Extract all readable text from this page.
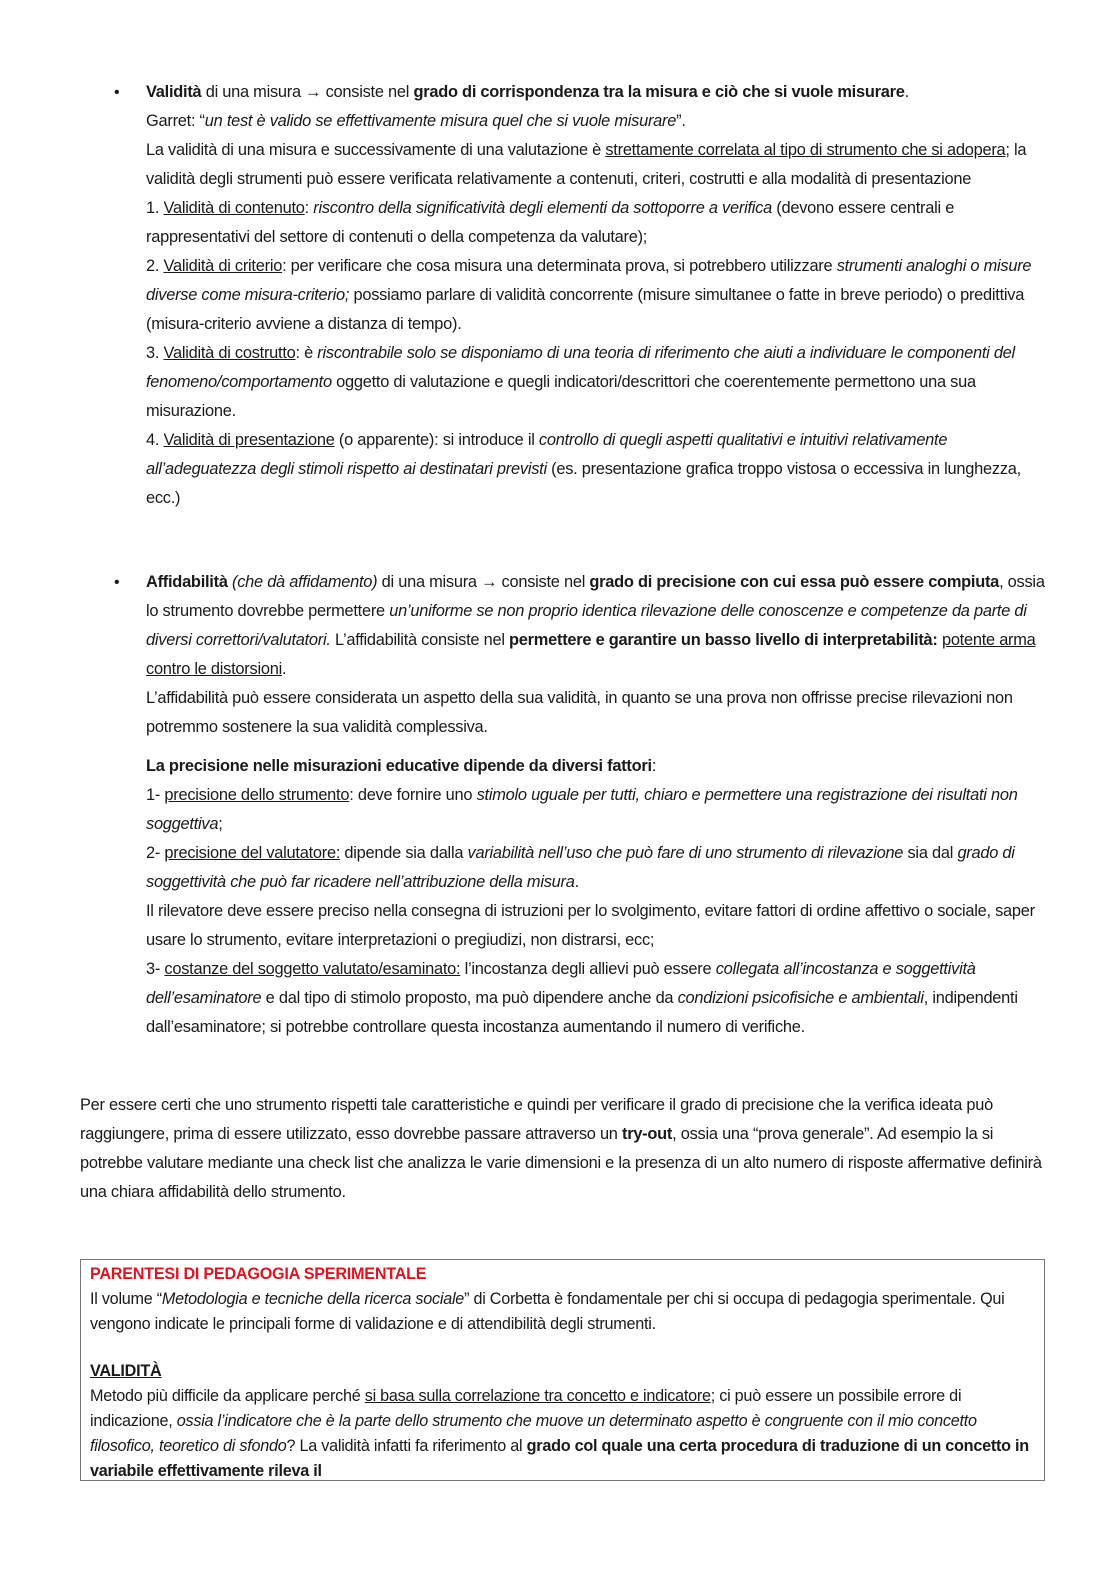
• Validità di una misura → consiste nel grado di corrispondenza tra la misura e ciò che si vuole misurare.

Garret: “un test è valido se effettivamente misura quel che si vuole misurare”.

La validità di una misura e successivamente di una valutazione è strettamente correlata al tipo di strumento che si adopera; la validità degli strumenti può essere verificata relativamente a contenuti, criteri, costrutti e alla modalità di presentazione

1. Validità di contenuto: riscontro della significatività degli elementi da sottoporre a verifica (devono essere centrali e rappresentativi del settore di contenuti o della competenza da valutare);

2. Validità di criterio: per verificare che cosa misura una determinata prova, si potrebbero utilizzare strumenti analoghi o misure diverse come misura-criterio; possiamo parlare di validità concorrente (misure simultanee o fatte in breve periodo) o predittiva (misura-criterio avviene a distanza di tempo).

3. Validità di costrutto: è riscontrabile solo se disponiamo di una teoria di riferimento che aiuti a individuare le componenti del fenomeno/comportamento oggetto di valutazione e quegli indicatori/descrittori che coerentemente permettono una sua misurazione.

4. Validità di presentazione (o apparente): si introduce il controllo di quegli aspetti qualitativi e intuitivi relativamente all’adeguatezza degli stimoli rispetto ai destinatari previsti (es. presentazione grafica troppo vistosa o eccessiva in lunghezza, ecc.)

• Affidabilità (che dà affidamento) di una misura → consiste nel grado di precisione con cui essa può essere compiuta, ossia lo strumento dovrebbe permettere un’uniforme se non proprio identica rilevazione delle conoscenze e competenze da parte di diversi correttori/valutatori. L’affidabilità consiste nel permettere e garantire un basso livello di interpretabilità: potente arma contro le distorsioni.

L’affidabilità può essere considerata un aspetto della sua validità, in quanto se una prova non offrisse precise rilevazioni non potremmo sostenere la sua validità complessiva.

La precisione nelle misurazioni educative dipende da diversi fattori:

1- precisione dello strumento: deve fornire uno stimolo uguale per tutti, chiaro e permettere una registrazione dei risultati non soggettiva;

2- precisione del valutatore: dipende sia dalla variabilità nell’uso che può fare di uno strumento di rilevazione sia dal grado di soggettività che può far ricadere nell’attribuzione della misura.

Il rilevatore deve essere preciso nella consegna di istruzioni per lo svolgimento, evitare fattori di ordine affettivo o sociale, saper usare lo strumento, evitare interpretazioni o pregiudizi, non distrarsi, ecc;

3- costanze del soggetto valutato/esaminato: l’incostanza degli allievi può essere collegata all’incostanza e soggettività dell’esaminatore e dal tipo di stimolo proposto, ma può dipendere anche da condizioni psicofisiche e ambientali, indipendenti dall’esaminatore; si potrebbe controllare questa incostanza aumentando il numero di verifiche.

Per essere certi che uno strumento rispetti tale caratteristiche e quindi per verificare il grado di precisione che la verifica ideata può raggiungere, prima di essere utilizzato, esso dovrebbe passare attraverso un try-out, ossia una “prova generale”. Ad esempio la si potrebbe valutare mediante una check list che analizza le varie dimensioni e la presenza di un alto numero di risposte affermative definirà una chiara affidabilità dello strumento.

PARENTESI DI PEDAGOGIA SPERIMENTALE

Il volume “Metodologia e tecniche della ricerca sociale” di Corbetta è fondamentale per chi si occupa di pedagogia sperimentale. Qui vengono indicate le principali forme di validazione e di attendibilità degli strumenti.

VALIDITÀ

Metodo più difficile da applicare perché si basa sulla correlazione tra concetto e indicatore; ci può essere un possibile errore di indicazione, ossia l’indicatore che è la parte dello strumento che muove un determinato aspetto è congruente con il mio concetto filosofico, teoretico di sfondo? La validità infatti fa riferimento al grado col quale una certa procedura di traduzione di un concetto in variabile effettivamente rileva il
